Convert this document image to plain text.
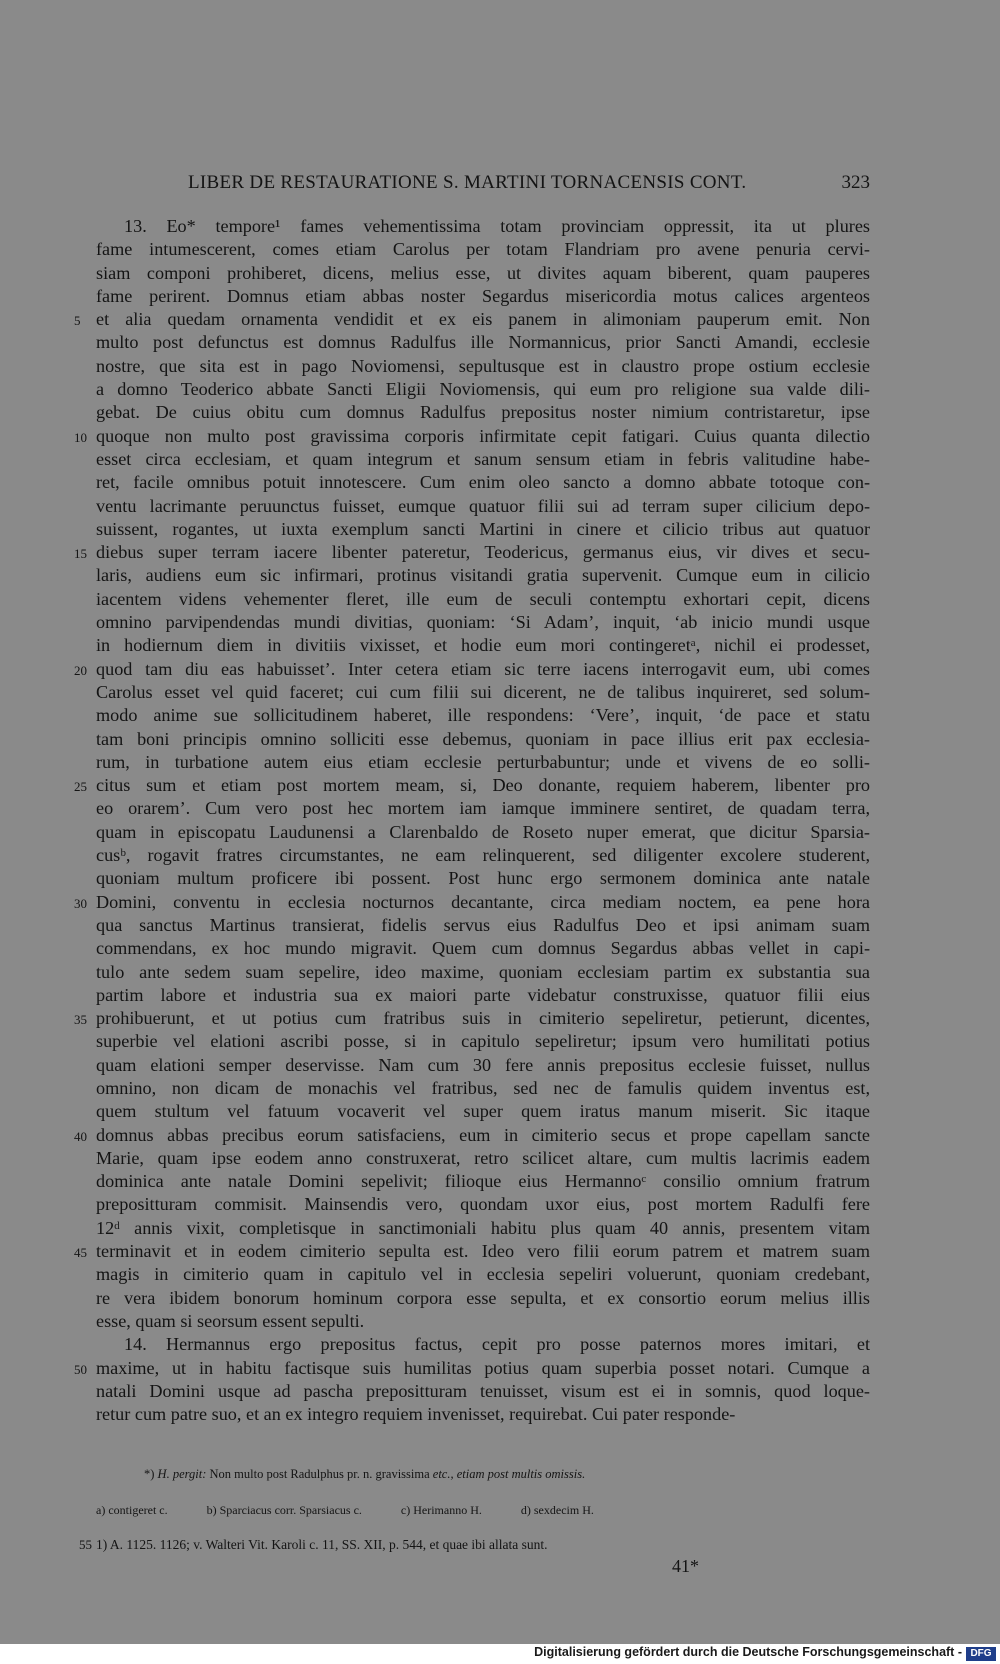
LIBER DE RESTAURATIONE S. MARTINI TORNACENSIS CONT.	323
13. Eo* tempore¹ fames vehementissima totam provinciam oppressit, ita ut plures
fame intumescerent, comes etiam Carolus per totam Flandriam pro avene penuria cervi-
siam componi prohiberet, dicens, melius esse, ut divites aquam biberent, quam pauperes
fame perirent. Domnus etiam abbas noster Segardus misericordia motus calices argenteos
5 et alia quedam ornamenta vendidit et ex eis panem in alimoniam pauperum emit. Non
multo post defunctus est domnus Radulfus ille Normannicus, prior Sancti Amandi, ecclesie
nostre, que sita est in pago Noviomensi, sepultusque est in claustro prope ostium ecclesie
a domno Teoderico abbate Sancti Eligii Noviomensis, qui eum pro religione sua valde dili-
gebat. De cuius obitu cum domnus Radulfus prepositus noster nimium contristaretur, ipse
10 quoque non multo post gravissima corporis infirmitate cepit fatigari. Cuius quanta dilectio
esset circa ecclesiam, et quam integrum et sanum sensum etiam in febris valitudine habe-
ret, facile omnibus potuit innotescere. Cum enim oleo sancto a domno abbate totoque con-
ventu lacrimante peruunctus fuisset, eumque quatuor filii sui ad terram super cilicium depo-
suissent, rogantes, ut iuxta exemplum sancti Martini in cinere et cilicio tribus aut quatuor
15 diebus super terram iacere libenter pateretur, Teodericus, germanus eius, vir dives et secu-
laris, audiens eum sic infirmari, protinus visitandi gratia supervenit. Cumque eum in cilicio
iacentem videns vehementer fleret, ille eum de seculi contemptu exhortari cepit, dicens
omnino parvipendendas mundi divitias, quoniam: ‘Si Adam’, inquit, ‘ab inicio mundi usque
in hodiernum diem in divitiis vixisset, et hodie eum mori contingeretᵃ, nichil ei prodesset,
20 quod tam diu eas habuisset’. Inter cetera etiam sic terre iacens interrogavit eum, ubi comes
Carolus esset vel quid faceret; cui cum filii sui dicerent, ne de talibus inquireret, sed solum-
modo anime sue sollicitudinem haberet, ille respondens: ‘Vere’, inquit, ‘de pace et statu
tam boni principis omnino solliciti esse debemus, quoniam in pace illius erit pax ecclesia-
rum, in turbatione autem eius etiam ecclesie perturbabuntur; unde et vivens de eo solli-
25 citus sum et etiam post mortem meam, si, Deo donante, requiem haberem, libenter pro
eo orarem’. Cum vero post hec mortem iam iamque imminere sentiret, de quadam terra,
quam in episcopatu Laudunensi a Clarenbaldo de Roseto nuper emerat, que dicitur Sparsia-
cusᵇ, rogavit fratres circumstantes, ne eam relinquerent, sed diligenter excolere studerent,
quoniam multum proficere ibi possent. Post hunc ergo sermonem dominica ante natale
30 Domini, conventu in ecclesia nocturnos decantante, circa mediam noctem, ea pene hora
qua sanctus Martinus transierat, fidelis servus eius Radulfus Deo et ipsi animam suam
commendans, ex hoc mundo migravit. Quem cum domnus Segardus abbas vellet in capi-
tulo ante sedem suam sepelire, ideo maxime, quoniam ecclesiam partim ex substantia sua
partim labore et industria sua ex maiori parte videbatur construxisse, quatuor filii eius
35 prohibuerunt, et ut potius cum fratribus suis in cimiterio sepeliretur, petierunt, dicentes,
superbie vel elationi ascribi posse, si in capitulo sepeliretur; ipsum vero humilitati potius
quam elationi semper deservisse. Nam cum 30 fere annis prepositus ecclesie fuisset, nullus
omnino, non dicam de monachis vel fratribus, sed nec de famulis quidem inventus est,
quem stultum vel fatuum vocaverit vel super quem iratus manum miserit. Sic itaque
40 domnus abbas precibus eorum satisfaciens, eum in cimiterio secus et prope capellam sancte
Marie, quam ipse eodem anno construxerat, retro scilicet altare, cum multis lacrimis eadem
dominica ante natale Domini sepelivit; filioque eius Hermannoᶜ consilio omnium fratrum
prepositturam commisit. Mainsendis vero, quondam uxor eius, post mortem Radulfi fere
12ᵈ annis vixit, completisque in sanctimoniali habitu plus quam 40 annis, presentem vitam
45 terminavit et in eodem cimiterio sepulta est. Ideo vero filii eorum patrem et matrem suam
magis in cimiterio quam in capitulo vel in ecclesia sepeliri voluerunt, quoniam credebant,
re vera ibidem bonorum hominum corpora esse sepulta, et ex consortio eorum melius illis
esse, quam si seorsum essent sepulti.
14. Hermannus ergo prepositus factus, cepit pro posse paternos mores imitari, et
50 maxime, ut in habitu factisque suis humilitas potius quam superbia posset notari. Cumque a
natali Domini usque ad pascha prepositturam tenuisset, visum est ei in somnis, quod loque-
retur cum patre suo, et an ex integro requiem invenisset, requirebat. Cui pater responde-
*) H. pergit: Non multo post Radulphus pr. n. gravissima etc., etiam post multis omissis.
a) contigeret c.	b) Sparciacus corr. Sparsiacus c.	c) Herimanno H.	d) sexdecim H.
55 1) A. 1125. 1126; v. Walteri Vit. Karoli c. 11, SS. XII, p. 544, et quae ibi allata sunt.
41*
Digitalisierung gefördert durch die Deutsche Forschungsgemeinschaft - DFG
